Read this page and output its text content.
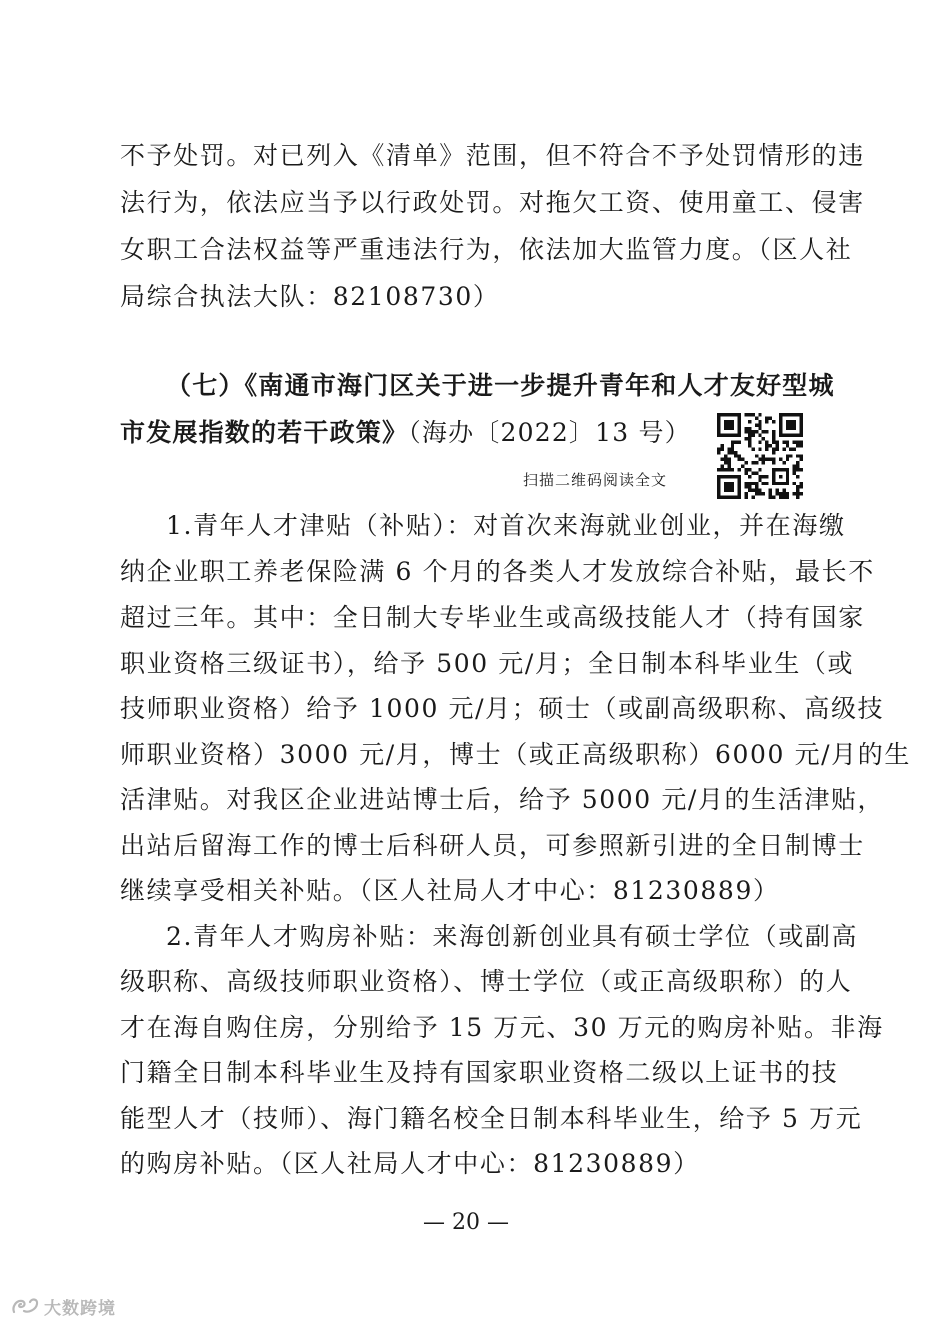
不予处罚。对已列入《清单》范围，但不符合不予处罚情形的违
法行为，依法应当予以行政处罚。对拖欠工资、使用童工、侵害
女职工合法权益等严重违法行为，依法加大监管力度。（区人社
局综合执法大队：82108730）
（七）《南通市海门区关于进一步提升青年和人才友好型城
市发展指数的若干政策》（海办〔2022〕13 号）
扫描二维码阅读全文
1.青年人才津贴（补贴）：对首次来海就业创业，并在海缴
纳企业职工养老保险满 6 个月的各类人才发放综合补贴，最长不
超过三年。其中：全日制大专毕业生或高级技能人才（持有国家
职业资格三级证书），给予 500 元/月；全日制本科毕业生（或
技师职业资格）给予 1000 元/月；硕士（或副高级职称、高级技
师职业资格）3000 元/月，博士（或正高级职称）6000 元/月的生
活津贴。对我区企业进站博士后，给予 5000 元/月的生活津贴，
出站后留海工作的博士后科研人员，可参照新引进的全日制博士
继续享受相关补贴。（区人社局人才中心：81230889）
2.青年人才购房补贴：来海创新创业具有硕士学位（或副高
级职称、高级技师职业资格）、博士学位（或正高级职称）的人
才在海自购住房，分别给予 15 万元、30 万元的购房补贴。非海
门籍全日制本科毕业生及持有国家职业资格二级以上证书的技
能型人才（技师）、海门籍名校全日制本科毕业生，给予 5 万元
的购房补贴。（区人社局人才中心：81230889）
— 20 —
大数跨境
